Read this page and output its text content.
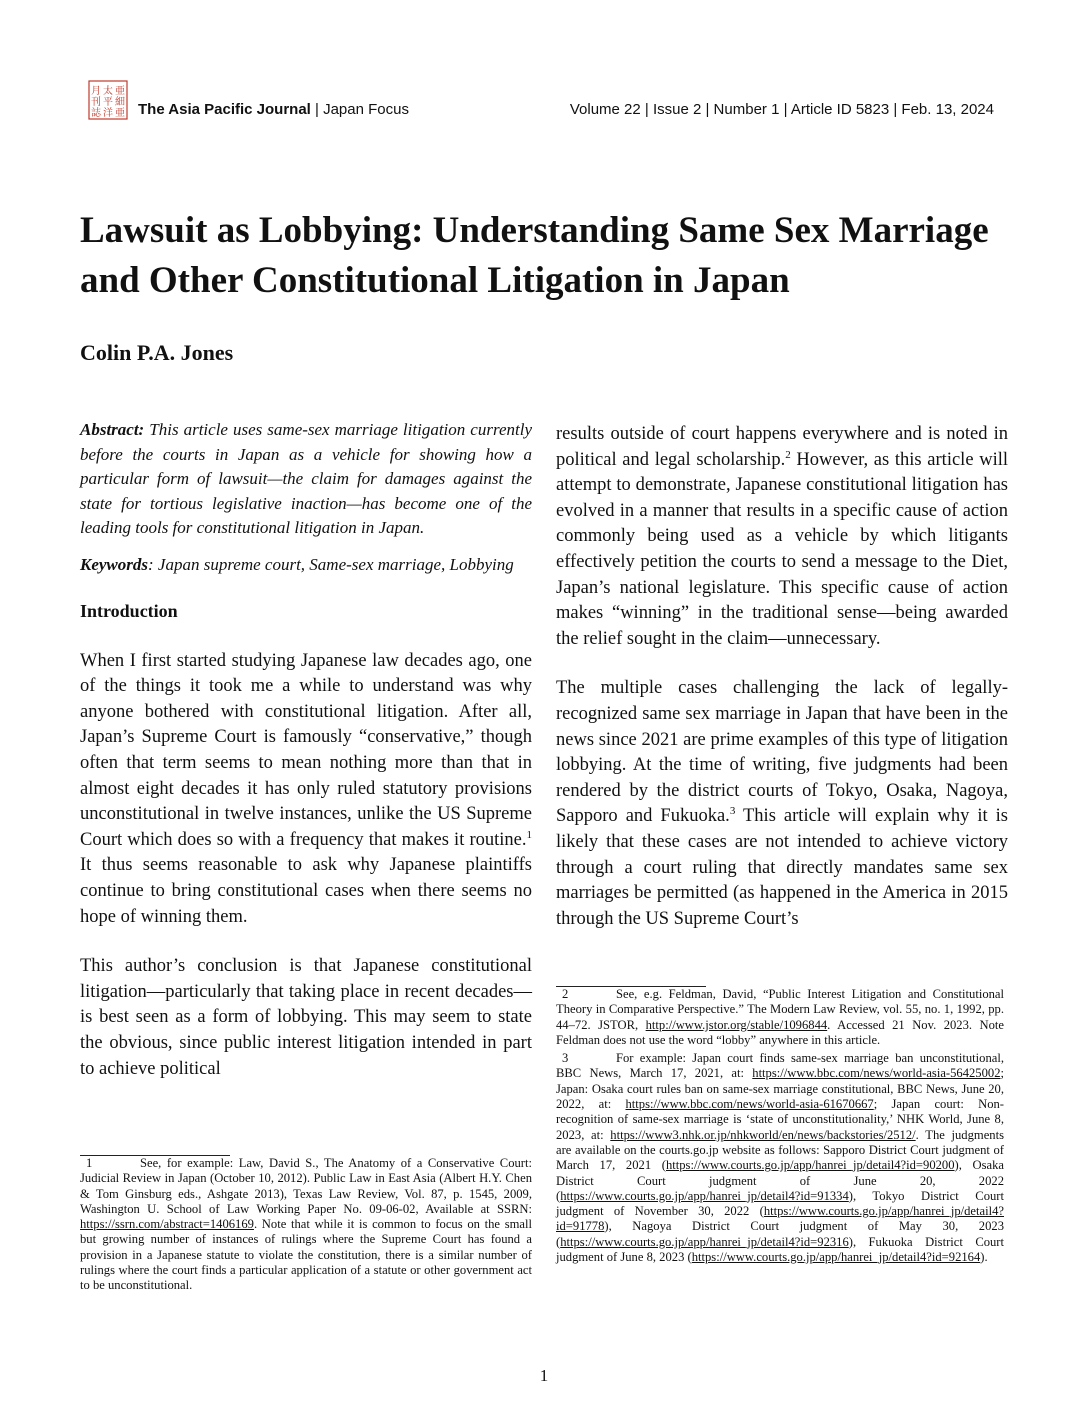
月 太 亜
刊 平 細
誌 洋 亜 The Asia Pacific Journal | Japan Focus	Volume 22 | Issue 2 | Number 1 | Article ID 5823 | Feb. 13, 2024
Lawsuit as Lobbying: Understanding Same Sex Marriage and Other Constitutional Litigation in Japan
Colin P.A. Jones

Abstract: This article uses same-sex marriage litigation currently before the courts in Japan as a vehicle for showing how a particular form of lawsuit—the claim for damages against the state for tortious legislative inaction—has become one of the leading tools for constitutional litigation in Japan.

Keywords: Japan supreme court, Same-sex marriage, Lobbying

Introduction

When I first started studying Japanese law decades ago, one of the things it took me a while to understand was why anyone bothered with constitutional litigation. After all, Japan’s Supreme Court is famously “conservative,” though often that term seems to mean nothing more than that in almost eight decades it has only ruled statutory provisions unconstitutional in twelve instances, unlike the US Supreme Court which does so with a frequency that makes it routine.$^1$ It thus seems reasonable to ask why Japanese plaintiffs continue to bring constitutional cases when there seems no hope of winning them.

This author’s conclusion is that Japanese constitutional litigation—particularly that taking place in recent decades—is best seen as a form of lobbying. This may seem to state the obvious, since public interest litigation intended in part to achieve political

results outside of court happens everywhere and is noted in political and legal scholarship.$^2$ However, as this article will attempt to demonstrate, Japanese constitutional litigation has evolved in a manner that results in a specific cause of action commonly being used as a vehicle by which litigants effectively petition the courts to send a message to the Diet, Japan’s national legislature. This specific cause of action makes “winning” in the traditional sense—being awarded the relief sought in the claim—unnecessary.

The multiple cases challenging the lack of legally-recognized same sex marriage in Japan that have been in the news since 2021 are prime examples of this type of litigation lobbying. At the time of writing, five judgments had been rendered by the district courts of Tokyo, Osaka, Nagoya, Sapporo and Fukuoka.$^3$ This article will explain why it is likely that these cases are not intended to achieve victory through a court ruling that directly mandates same sex marriages be permitted (as happened in the America in 2015 through the US Supreme Court’s

1	See, for example: Law, David S., The Anatomy of a Conservative Court: Judicial Review in Japan (October 10, 2012). Public Law in East Asia (Albert H.Y. Chen & Tom Ginsburg eds., Ashgate 2013), Texas Law Review, Vol. 87, p. 1545, 2009, Washington U. School of Law Working Paper No. 09-06-02, Available at SSRN: https://ssrn.com/abstract=1406169. Note that while it is common to focus on the small but growing number of instances of rulings where the Supreme Court has found a provision in a Japanese statute to violate the constitution, there is a similar number of rulings where the court finds a particular application of a statute or other government act to be unconstitutional.

2	See, e.g. Feldman, David, “Public Interest Litigation and Constitutional Theory in Comparative Perspective.” The Modern Law Review, vol. 55, no. 1, 1992, pp. 44–72. JSTOR, http://www.jstor.org/stable/1096844. Accessed 21 Nov. 2023. Note Feldman does not use the word “lobby” anywhere in this article.

3	For example: Japan court finds same-sex marriage ban unconstitutional, BBC News, March 17, 2021, at: https://www.bbc.com/news/world-asia-56425002; Japan: Osaka court rules ban on same-sex marriage constitutional, BBC News, June 20, 2022, at: https://www.bbc.com/news/world-asia-61670667; Japan court: Non-recognition of same-sex marriage is ‘state of unconstitutionality,’ NHK World, June 8, 2023, at: https://www3.nhk.or.jp/nhkworld/en/news/backstories/2512/. The judgments are available on the courts.go.jp website as follows: Sapporo District Court judgment of March 17, 2021 (https://www.courts.go.jp/app/hanrei_jp/detail4?id=90200), Osaka District Court judgment of June 20, 2022 (https://www.courts.go.jp/app/hanrei_jp/detail4?id=91334), Tokyo District Court judgment of November 30, 2022 (https://www.courts.go.jp/app/hanrei_jp/detail4?id=91778), Nagoya District Court judgment of May 30, 2023 (https://www.courts.go.jp/app/hanrei_jp/detail4?id=92316), Fukuoka District Court judgment of June 8, 2023 (https://www.courts.go.jp/app/hanrei_jp/detail4?id=92164).

1
